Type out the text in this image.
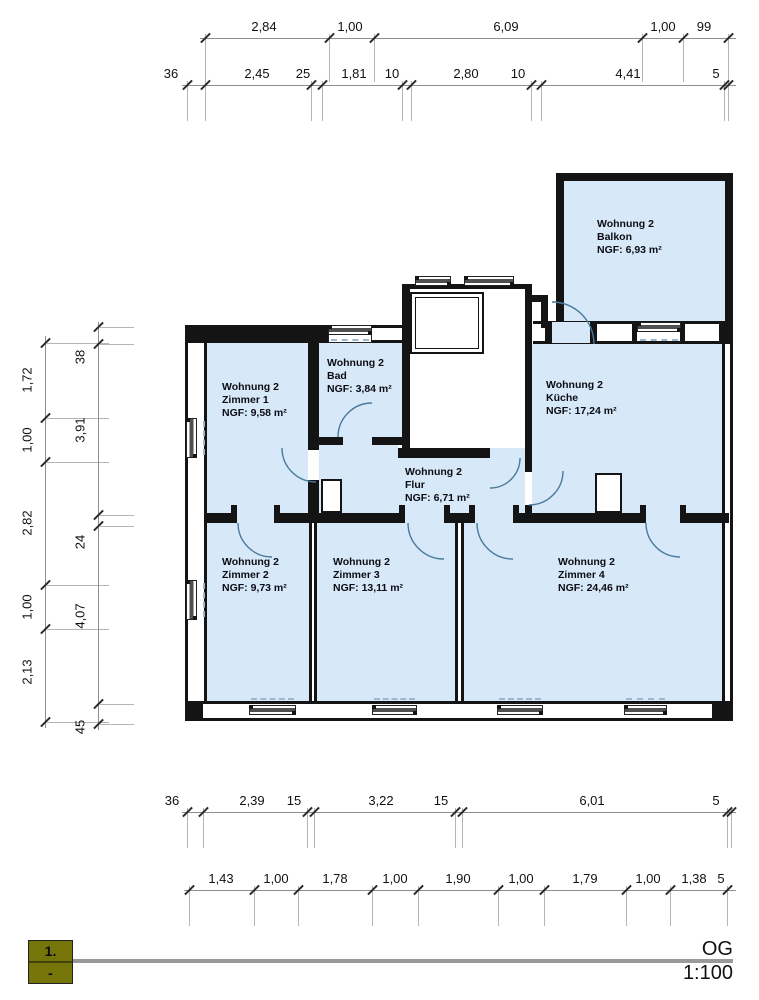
Wohnung 2
Balkon
NGF: 6,93 m²
Wohnung 2
Zimmer 1
NGF: 9,58 m²
Wohnung 2
Bad
NGF: 3,84 m²	Wohnung 2
Küche
NGF: 17,24 m²
Wohnung 2
Flur
NGF: 6,71 m²
Wohnung 2
Zimmer 2
NGF: 9,73 m²
Wohnung 2
Zimmer 3
NGF: 13,11 m²
Wohnung 2
Zimmer 4
NGF: 24,46 m²
1.
-
OG
1:100
2,84	1,00	6,09	1,00 99
36	2,45 25 1,81 10	2,80 10	4,41	5
36	2,39 15	3,22	15	6,01	5
1,43 1,00	1,78	1,00	1,90	1,00	1,79	1,00 1,38 5
1,72
1,00
2,82
1,00
2,13
38
3,91
24
4,07
45
